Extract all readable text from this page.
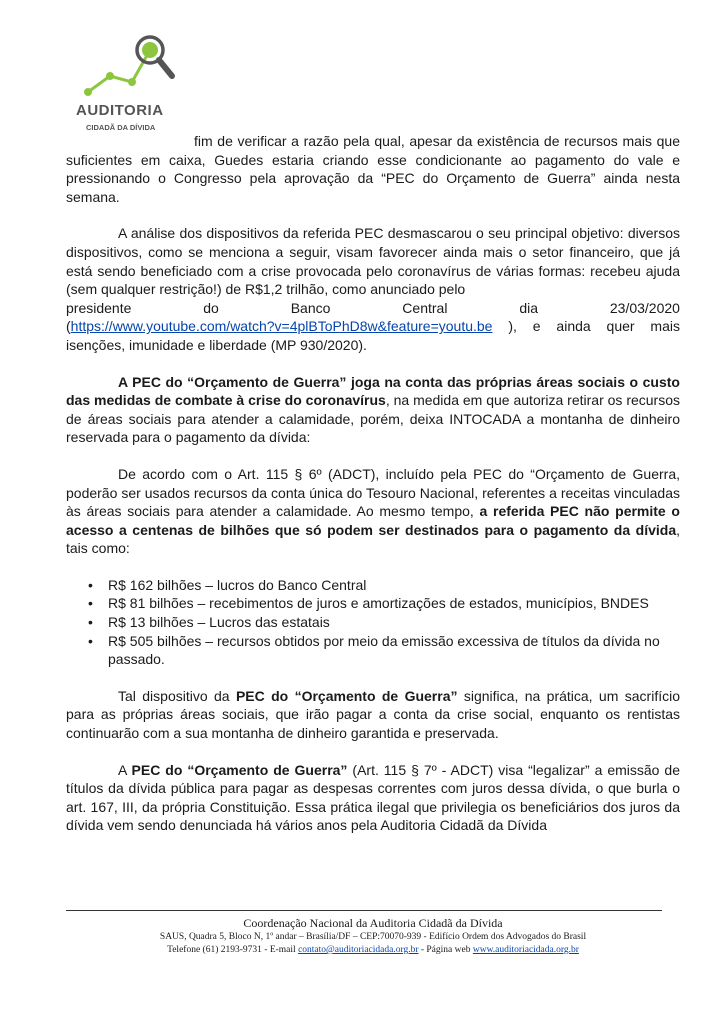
AUDITORIA
CIDADÃ DA DÍVIDA

fim de verificar a razão pela qual, apesar da existência de recursos mais que suficientes em caixa, Guedes estaria criando esse condicionante ao pagamento do vale e pressionando o Congresso pela aprovação da “PEC do Orçamento de Guerra” ainda nesta semana.

A análise dos dispositivos da referida PEC desmascarou o seu principal objetivo: diversos dispositivos, como se menciona a seguir, visam favorecer ainda mais o setor financeiro, que já está sendo beneficiado com a crise provocada pelo coronavírus de várias formas: recebeu ajuda (sem qualquer restrição!) de R$1,2 trilhão, como anunciado pelo

presidente	do	Banco	Central	dia	23/03/2020

(https://www.youtube.com/watch?v=4plBToPhD8w&feature=youtu.be ), e ainda quer mais isenções, imunidade e liberdade (MP 930/2020).

A PEC do “Orçamento de Guerra” joga na conta das próprias áreas sociais o custo das medidas de combate à crise do coronavírus, na medida em que autoriza retirar os recursos de áreas sociais para atender a calamidade, porém, deixa INTOCADA a montanha de dinheiro reservada para o pagamento da dívida:

De acordo com o Art. 115 § 6º (ADCT), incluído pela PEC do “Orçamento de Guerra, poderão ser usados recursos da conta única do Tesouro Nacional, referentes a receitas vinculadas às áreas sociais para atender a calamidade. Ao mesmo tempo, a referida PEC não permite o acesso a centenas de bilhões que só podem ser destinados para o pagamento da dívida, tais como:

• R$ 162 bilhões – lucros do Banco Central
• R$ 81 bilhões – recebimentos de juros e amortizações de estados, municípios, BNDES
• R$ 13 bilhões – Lucros das estatais
• R$ 505 bilhões – recursos obtidos por meio da emissão excessiva de títulos da dívida no passado.

Tal dispositivo da PEC do “Orçamento de Guerra” significa, na prática, um sacrifício para as próprias áreas sociais, que irão pagar a conta da crise social, enquanto os rentistas continuarão com a sua montanha de dinheiro garantida e preservada.

A PEC do “Orçamento de Guerra” (Art. 115 § 7º - ADCT) visa “legalizar” a emissão de títulos da dívida pública para pagar as despesas correntes com juros dessa dívida, o que burla o art. 167, III, da própria Constituição. Essa prática ilegal que privilegia os beneficiários dos juros da dívida vem sendo denunciada há vários anos pela Auditoria Cidadã da Dívida

Coordenação Nacional da Auditoria Cidadã da Dívida
SAUS, Quadra 5, Bloco N, 1º andar – Brasília/DF – CEP:70070-939 - Edifício Ordem dos Advogados do Brasil
Telefone (61) 2193-9731 - E-mail contato@auditoriacidada.org.br - Página web www.auditoriacidada.org.br
